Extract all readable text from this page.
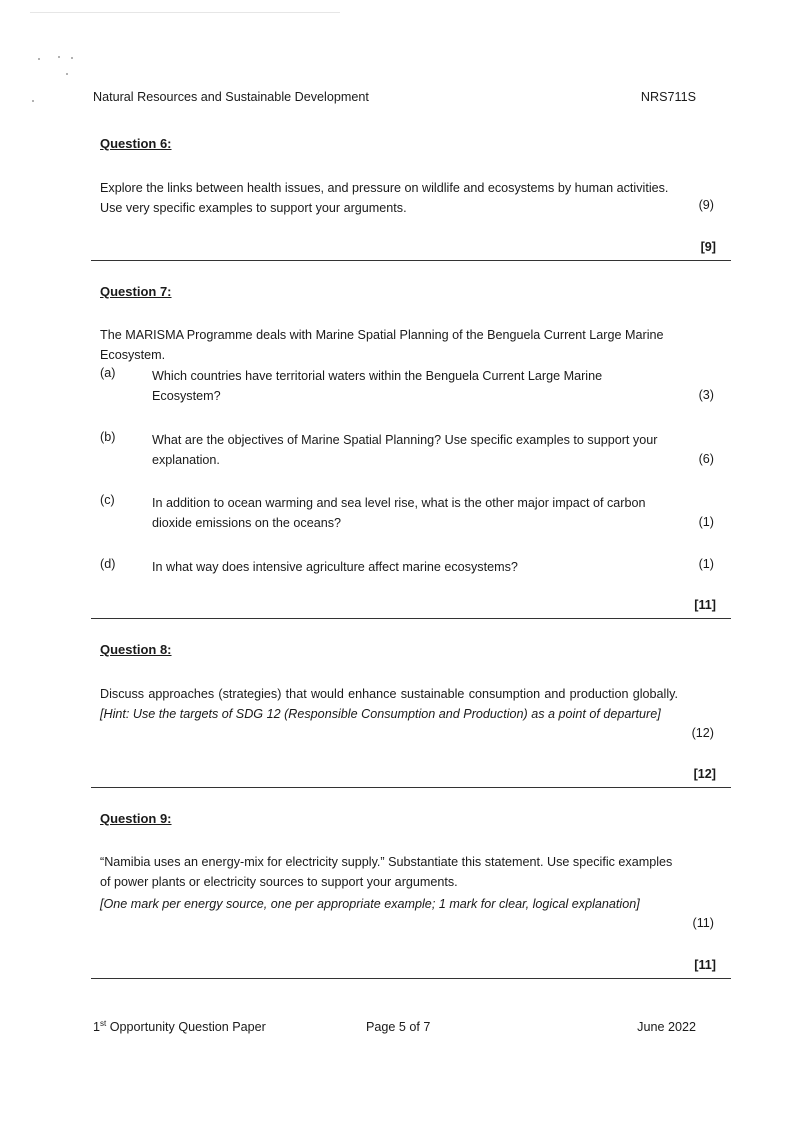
Natural Resources and Sustainable Development	NRS711S
Question 6:
Explore the links between health issues, and pressure on wildlife and ecosystems by human activities. Use very specific examples to support your arguments.	(9)
[9]
Question 7:
The MARISMA Programme deals with Marine Spatial Planning of the Benguela Current Large Marine Ecosystem.
(a)	Which countries have territorial waters within the Benguela Current Large Marine Ecosystem?	(3)
(b)	What are the objectives of Marine Spatial Planning? Use specific examples to support your explanation.	(6)
(c)	In addition to ocean warming and sea level rise, what is the other major impact of carbon dioxide emissions on the oceans?	(1)
(d)	In what way does intensive agriculture affect marine ecosystems?	(1)
[11]
Question 8:
Discuss approaches (strategies) that would enhance sustainable consumption and production globally. [Hint: Use the targets of SDG 12 (Responsible Consumption and Production) as a point of departure]
(12)
[12]
Question 9:
“Namibia uses an energy-mix for electricity supply.” Substantiate this statement. Use specific examples of power plants or electricity sources to support your arguments.
[One mark per energy source, one per appropriate example; 1 mark for clear, logical explanation]
(11)
[11]
1st Opportunity Question Paper	Page 5 of 7	June 2022
